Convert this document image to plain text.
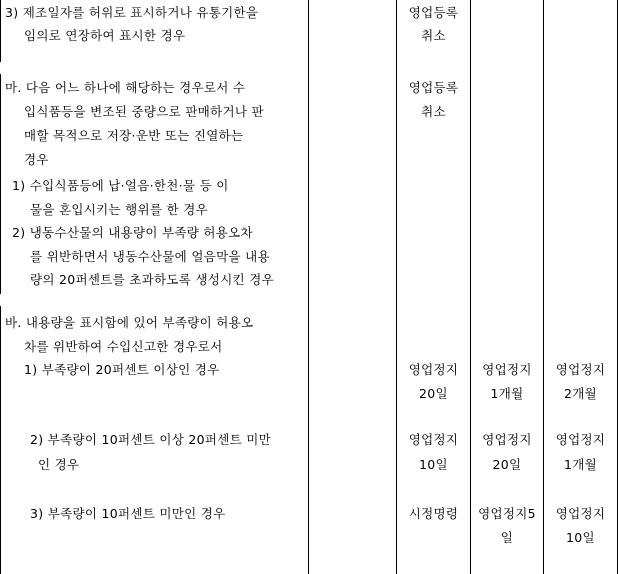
3) 제조일자를 허위로 표시하거나 유통기한을
임의로 연장하여 표시한 경우
마. 다음 어느 하나에 해당하는 경우로서 수
입식품등을 변조된 중량으로 판매하거나 판
매할 목적으로 저장·운반 또는 진열하는
경우
1) 수입식품등에 납·얼음·한천·물 등 이
물을 혼입시키는 행위를 한 경우
2) 냉동수산물의 내용량이 부족량 허용오차
를 위반하면서 냉동수산물에 얼음막을 내용
량의 20퍼센트를 초과하도록 생성시킨 경우
바. 내용량을 표시함에 있어 부족량이 허용오
차를 위반하여 수입신고한 경우로서
1) 부족량이 20퍼센트 이상인 경우
2) 부족량이 10퍼센트 이상 20퍼센트 미만
인 경우
3) 부족량이 10퍼센트 미만인 경우
영업등록
취소
영업등록
취소
영업정지
20일
영업정지
10일
시정명령
영업정지
1개월
영업정지
20일
영업정지5
일
영업정지
2개월
영업정지
1개월
영업정지
10일
